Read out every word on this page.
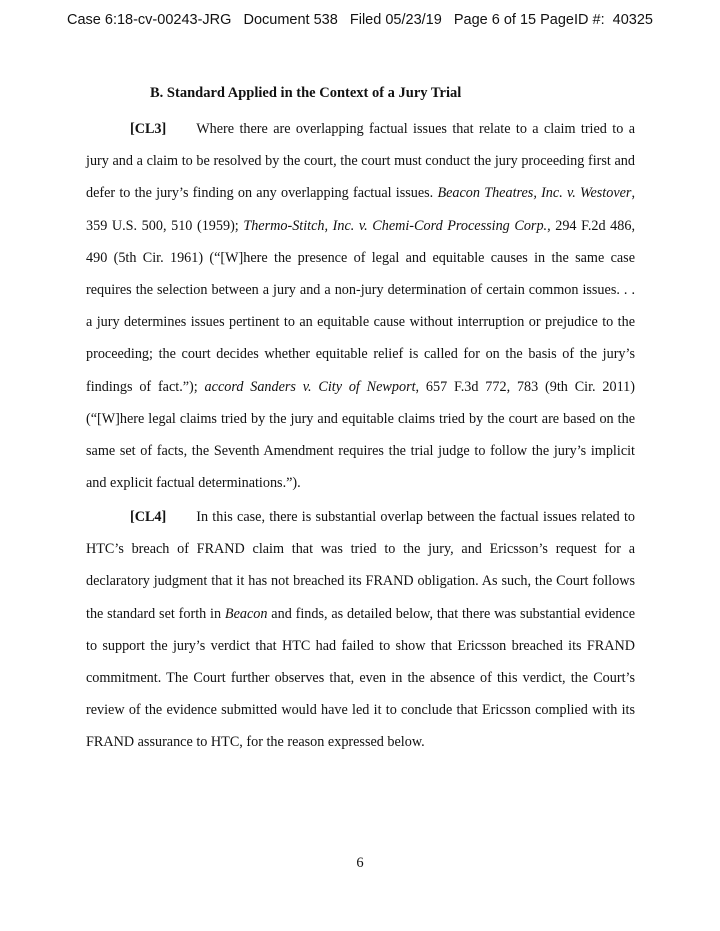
Case 6:18-cv-00243-JRG   Document 538   Filed 05/23/19   Page 6 of 15 PageID #:  40325
B. Standard Applied in the Context of a Jury Trial
[CL3] Where there are overlapping factual issues that relate to a claim tried to a jury and a claim to be resolved by the court, the court must conduct the jury proceeding first and defer to the jury’s finding on any overlapping factual issues. Beacon Theatres, Inc. v. Westover, 359 U.S. 500, 510 (1959); Thermo-Stitch, Inc. v. Chemi-Cord Processing Corp., 294 F.2d 486, 490 (5th Cir. 1961) (“[W]here the presence of legal and equitable causes in the same case requires the selection between a jury and a non-jury determination of certain common issues. . . a jury determines issues pertinent to an equitable cause without interruption or prejudice to the proceeding; the court decides whether equitable relief is called for on the basis of the jury’s findings of fact.”); accord Sanders v. City of Newport, 657 F.3d 772, 783 (9th Cir. 2011) (“[W]here legal claims tried by the jury and equitable claims tried by the court are based on the same set of facts, the Seventh Amendment requires the trial judge to follow the jury’s implicit and explicit factual determinations.”).
[CL4] In this case, there is substantial overlap between the factual issues related to HTC’s breach of FRAND claim that was tried to the jury, and Ericsson’s request for a declaratory judgment that it has not breached its FRAND obligation. As such, the Court follows the standard set forth in Beacon and finds, as detailed below, that there was substantial evidence to support the jury’s verdict that HTC had failed to show that Ericsson breached its FRAND commitment. The Court further observes that, even in the absence of this verdict, the Court’s review of the evidence submitted would have led it to conclude that Ericsson complied with its FRAND assurance to HTC, for the reason expressed below.
6
